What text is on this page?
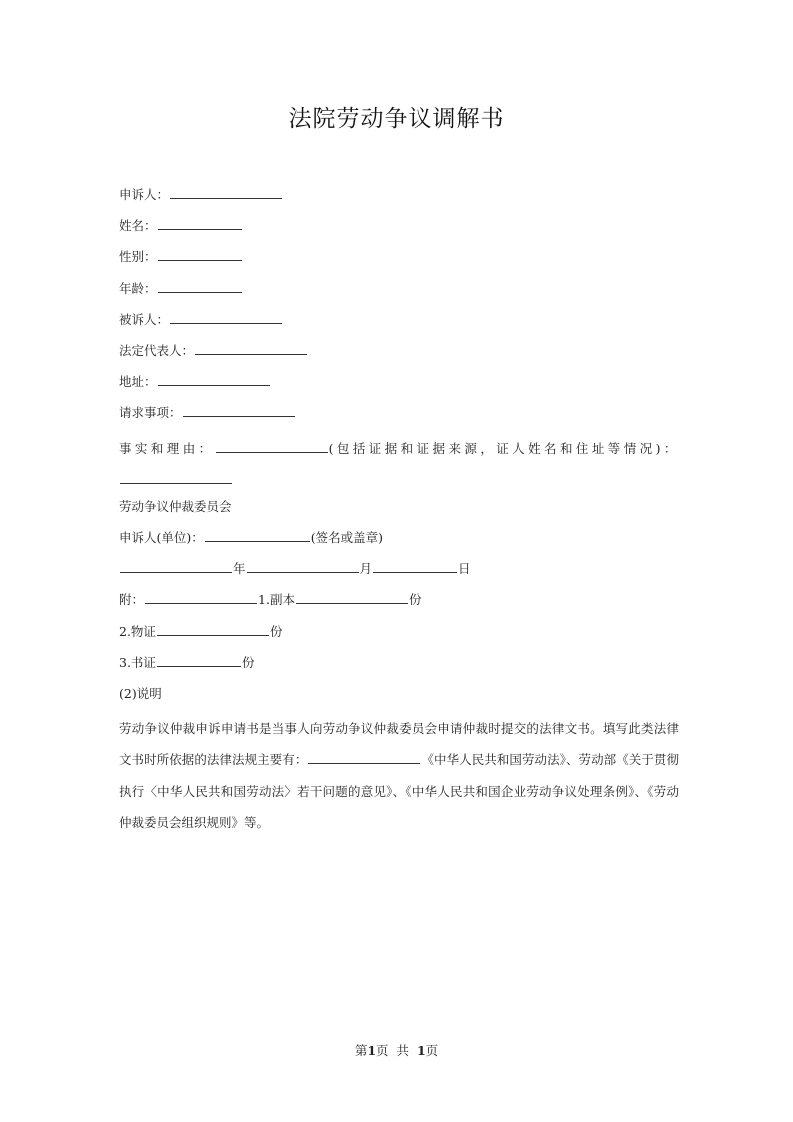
法院劳动争议调解书
申诉人：
姓名：
性别：
年龄：
被诉人：
法定代表人：
地址：
请求事项：
事实和理由：	(包括证据和证据来源，证人姓名和住址等情况)：
劳动争议仲裁委员会
申诉人(单位)：	(签名或盖章)
年	月	日
附：	1.副本	份
2.物证	份
3.书证	份
(2)说明
劳动争议仲裁申诉申请书是当事人向劳动争议仲裁委员会申请仲裁时提交的法律文书。填写此类法律文书时所依据的法律法规主要有：	《中华人民共和国劳动法》、劳动部《关于贯彻执行〈中华人民共和国劳动法〉若干问题的意见》、《中华人民共和国企业劳动争议处理条例》、《劳动仲裁委员会组织规则》等。
第1页  共  1页
